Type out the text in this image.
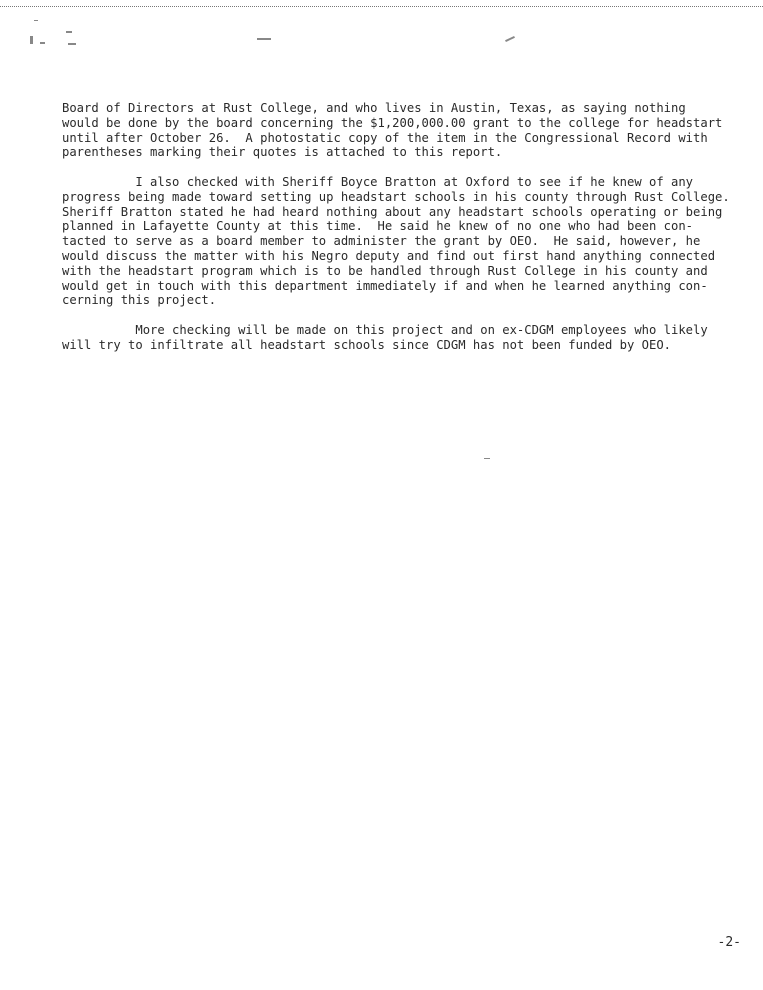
Board of Directors at Rust College, and who lives in Austin, Texas, as saying nothing
would be done by the board concerning the $1,200,000.00 grant to the college for headstart
until after October 26.  A photostatic copy of the item in the Congressional Record with
parentheses marking their quotes is attached to this report.
I also checked with Sheriff Boyce Bratton at Oxford to see if he knew of any
progress being made toward setting up headstart schools in his county through Rust College.
Sheriff Bratton stated he had heard nothing about any headstart schools operating or being
planned in Lafayette County at this time.  He said he knew of no one who had been con-
tacted to serve as a board member to administer the grant by OEO.  He said, however, he
would discuss the matter with his Negro deputy and find out first hand anything connected
with the headstart program which is to be handled through Rust College in his county and
would get in touch with this department immediately if and when he learned anything con-
cerning this project.
More checking will be made on this project and on ex-CDGM employees who likely
will try to infiltrate all headstart schools since CDGM has not been funded by OEO.
-2-
